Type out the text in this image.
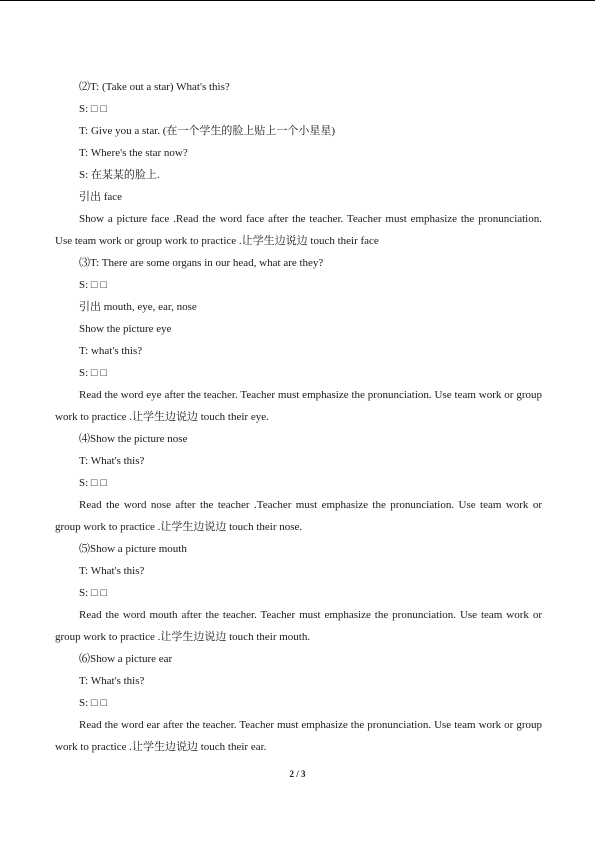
⑵T: (Take out a star) What's this?
S: □ □
T: Give you a star. (在一个学生的脸上贴上一个小星星)
T: Where's the star now?
S: 在某某的脸上.
引出 face
Show a picture face .Read the word face after the teacher. Teacher must emphasize the pronunciation. Use team work or group work to practice .让学生边说边 touch their face
⑶T: There are some organs in our head, what are they?
S: □ □
引出 mouth, eye, ear, nose
Show the picture eye
T: what's this?
S: □ □
Read the word eye after the teacher. Teacher must emphasize the pronunciation. Use team work or group work to practice .让学生边说边 touch their eye.
⑷Show the picture nose
T: What's this?
S: □ □
Read the word nose after the teacher .Teacher must emphasize the pronunciation. Use team work or group work to practice .让学生边说边 touch their nose.
⑸Show a picture mouth
T: What's this?
S: □ □
Read the word mouth after the teacher. Teacher must emphasize the pronunciation. Use team work or group work to practice .让学生边说边 touch their mouth.
⑹Show a picture ear
T: What's this?
S: □ □
Read the word ear after the teacher. Teacher must emphasize the pronunciation. Use team work or group work to practice .让学生边说边 touch their ear.
2 / 3
